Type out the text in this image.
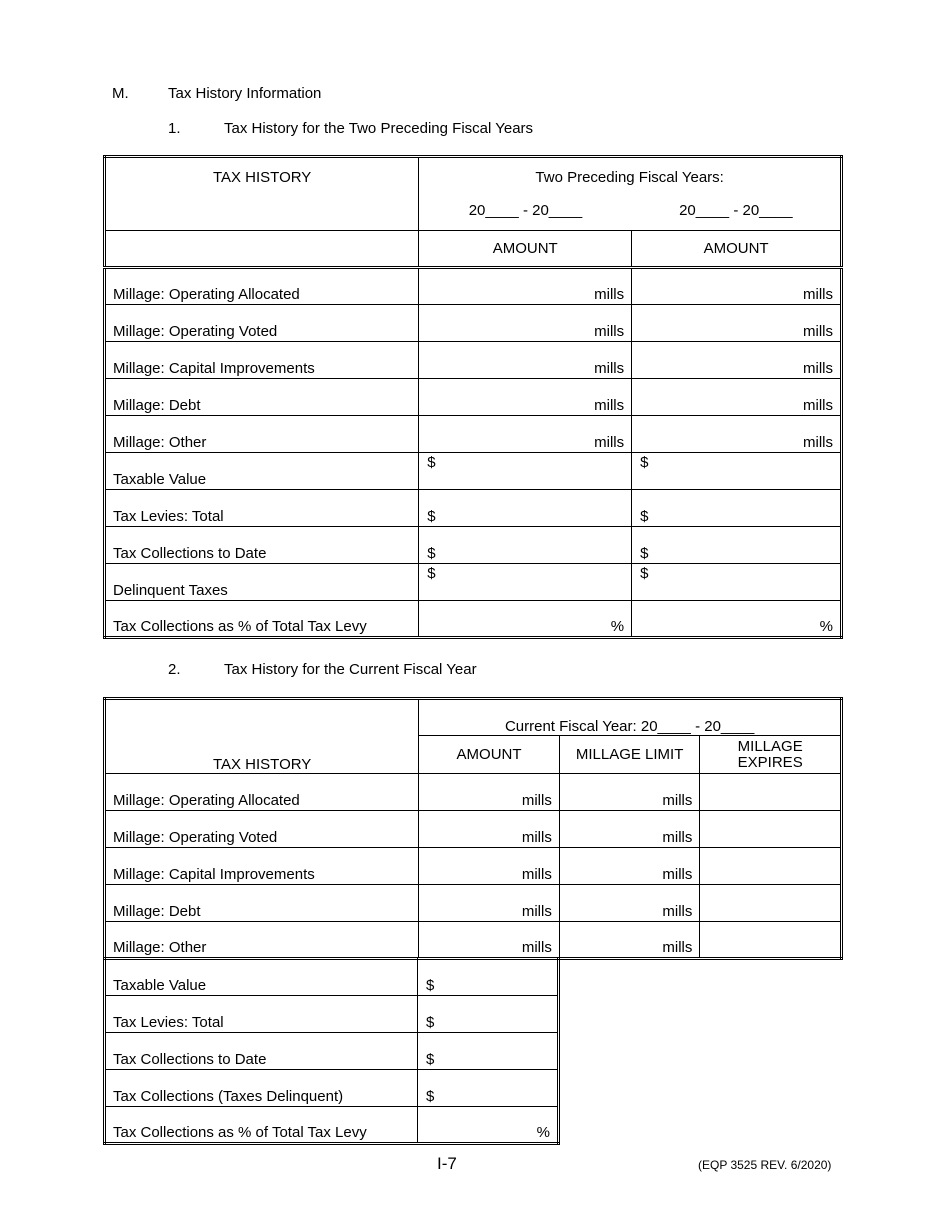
M.	Tax History Information
1.	Tax History for the Two Preceding Fiscal Years
TAX HISTORY	Two Preceding Fiscal Years:	
	20____ - 20____	20____ - 20____
	AMOUNT	AMOUNT
Millage: Operating Allocated	mills	mills
Millage: Operating Voted	mills	mills
Millage: Capital Improvements	mills	mills
Millage: Debt	mills	mills
Millage: Other	mills	mills
Taxable Value	$	$
Tax Levies: Total	$	$
Tax Collections to Date	$	$
Delinquent Taxes	$	$
Tax Collections as % of Total Tax Levy	%	%
2.	Tax History for the Current Fiscal Year
TAX HISTORY	Current Fiscal Year: 20____ - 20____		
	AMOUNT	MILLAGE LIMIT	MILLAGE EXPIRES
Millage: Operating Allocated	mills	mills	
Millage: Operating Voted	mills	mills	
Millage: Capital Improvements	mills	mills	
Millage: Debt	mills	mills	
Millage: Other	mills	mills	
Taxable Value	$
Tax Levies: Total	$
Tax Collections to Date	$
Tax Collections (Taxes Delinquent)	$
Tax Collections as % of Total Tax Levy	%
I-7	(EQP 3525 REV. 6/2020)
